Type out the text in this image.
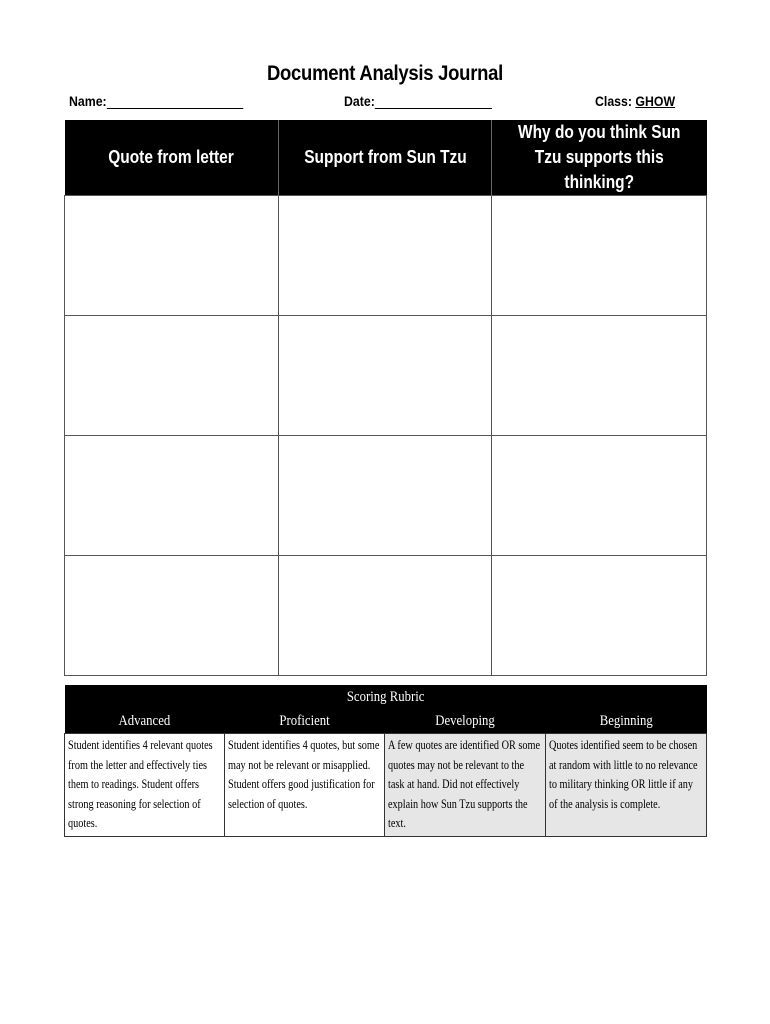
Document Analysis Journal
Name:	Date:	Class: GHOW
Quote from letter	Support from Sun Tzu	Why do you think Sun Tzu supports this thinking?

Scoring Rubric			
Advanced	Proficient	Developing	Beginning

Student identifies 4 relevant quotes from the letter and effectively ties them to readings. Student offers strong reasoning for selection of quotes.	Student identifies 4 quotes, but some may not be relevant or misapplied. Student offers good justification for selection of quotes.	A few quotes are identified OR some quotes may not be relevant to the task at hand. Did not effectively explain how Sun Tzu supports the text.	Quotes identified seem to be chosen at random with little to no relevance to military thinking OR little if any of the analysis is complete.
